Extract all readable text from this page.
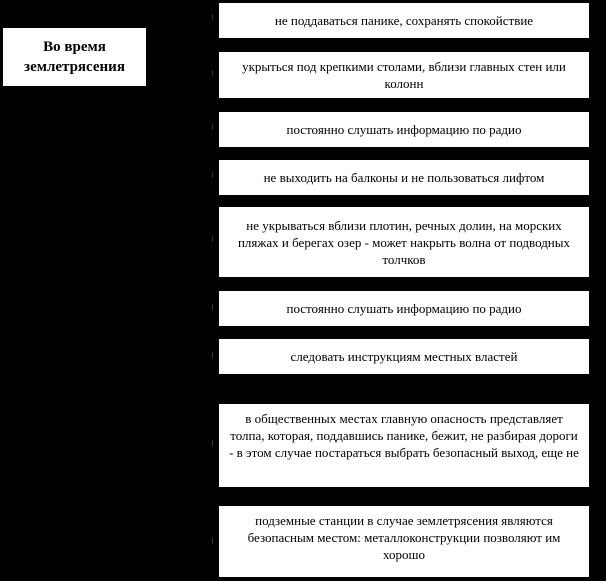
Во время землетрясения
не поддаваться панике, сохранять спокойствие
укрыться под крепкими столами, вблизи главных стен или колонн
постоянно слушать информацию по радио
не выходить на балконы и не пользоваться лифтом
не укрываться вблизи плотин, речных долин, на морских пляжах и берегах озер - может накрыть волна от подводных толчков
постоянно слушать информацию по радио
следовать инструкциям местных властей
в общественных местах главную опасность представляет толпа, которая, поддавшись панике, бежит, не разбирая дороги - в этом случае постараться выбрать безопасный выход, еще не
подземные станции в случае землетрясения являются безопасным местом: металлоконструкции позволяют им хорошо
